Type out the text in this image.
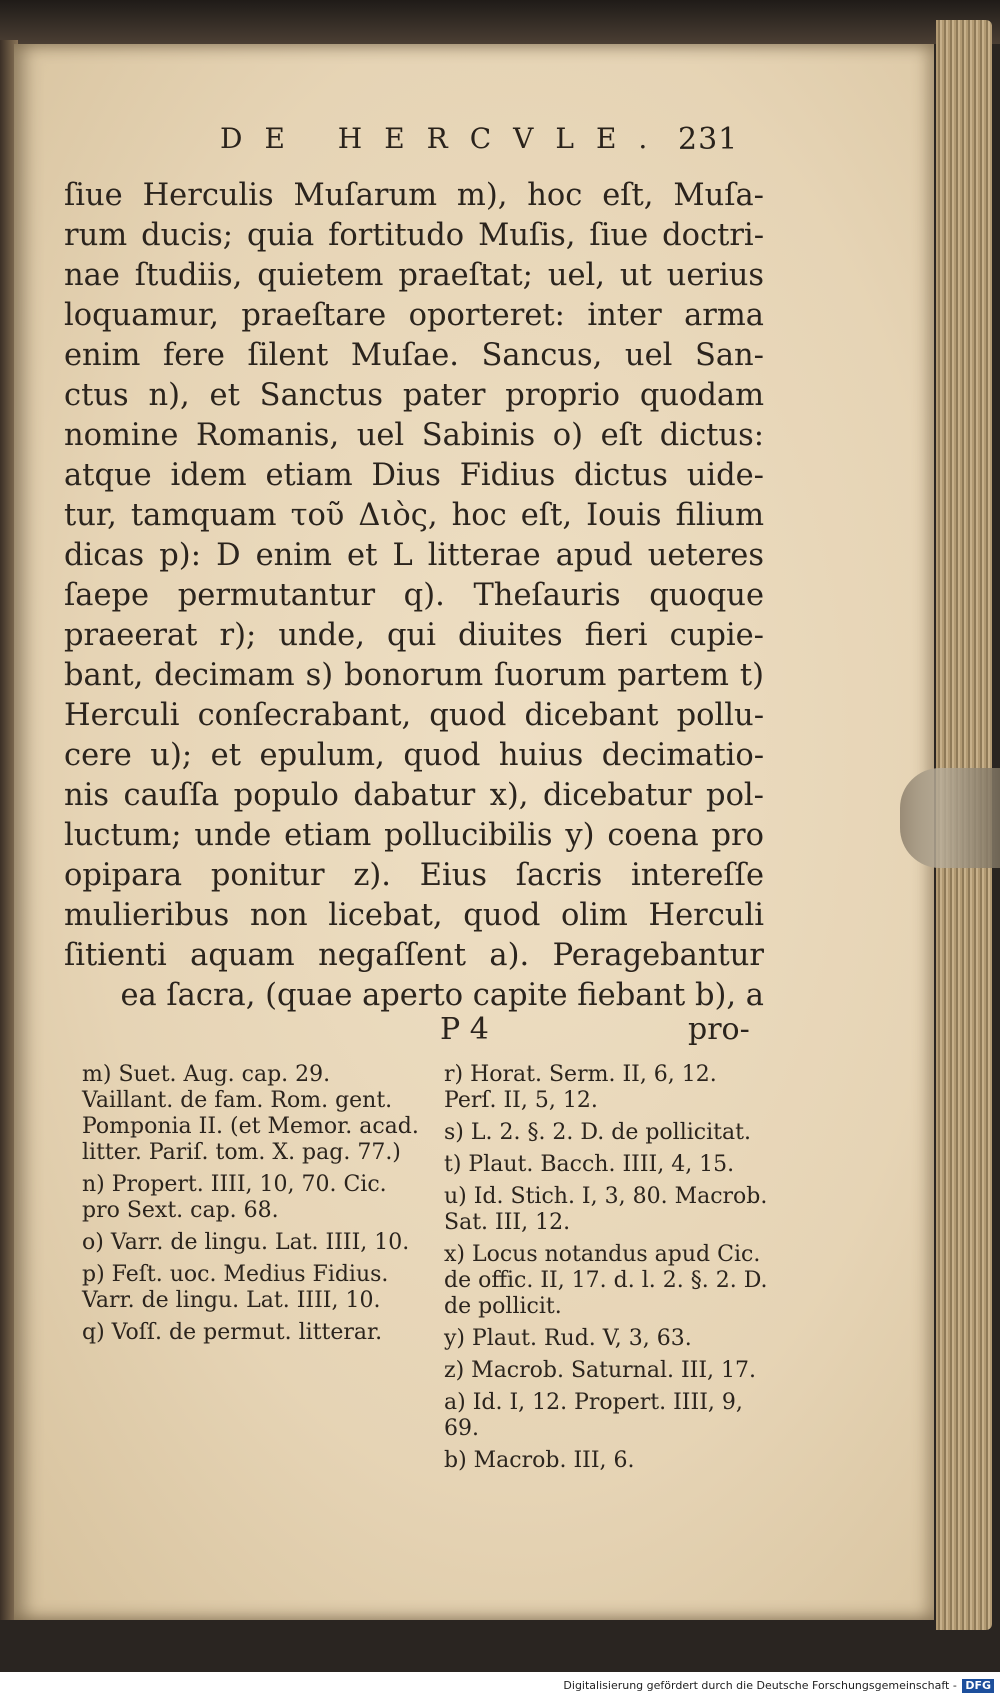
DE HERCVLE. 231
ſiue Herculis Muſarum m), hoc eſt, Muſa-
rum ducis; quia fortitudo Muſis, ſiue doctri-
nae ſtudiis, quietem praeſtat; uel, ut uerius
loquamur, praeſtare oporteret: inter arma
enim fere ſilent Muſae. Sancus, uel San-
ctus n), et Sanctus pater proprio quodam
nomine Romanis, uel Sabinis o) eſt dictus:
atque idem etiam Dius Fidius dictus uide-
tur, tamquam τοῦ Διὸς, hoc eſt, Iouis filium
dicas p): D enim et L litterae apud ueteres
ſaepe permutantur q). Theſauris quoque
praeerat r); unde, qui diuites fieri cupie-
bant, decimam s) bonorum ſuorum partem t)
Herculi conſecrabant, quod dicebant pollu-
cere u); et epulum, quod huius decimatio-
nis cauſſa populo dabatur x), dicebatur pol-
luctum; unde etiam pollucibilis y) coena pro
opipara ponitur z). Eius ſacris intereſſe
mulieribus non licebat, quod olim Herculi
ſitienti aquam negaſſent a). Peragebantur
ea ſacra, (quae aperto capite fiebant b), a
P 4	pro-
m) Suet. Aug. cap. 29. Vaillant. de fam. Rom. gent. Pomponia II. (et Memor. acad. litter. Pariſ. tom. X. pag. 77.)
n) Propert. IIII, 10, 70. Cic. pro Sext. cap. 68.
o) Varr. de lingu. Lat. IIII, 10.
p) Feſt. uoc. Medius Fidius. Varr. de lingu. Lat. IIII, 10.
q) Voſſ. de permut. litterar.
r) Horat. Serm. II, 6, 12. Perſ. II, 5, 12.
s) L. 2. §. 2. D. de pollicitat.
t) Plaut. Bacch. IIII, 4, 15.
u) Id. Stich. I, 3, 80. Macrob. Sat. III, 12.
x) Locus notandus apud Cic. de offic. II, 17. d. l. 2. §. 2. D. de pollicit.
y) Plaut. Rud. V, 3, 63.
z) Macrob. Saturnal. III, 17.
a) Id. I, 12. Propert. IIII, 9, 69.
b) Macrob. III, 6.
Digitalisierung gefördert durch die Deutsche Forschungsgemeinschaft - DFG
